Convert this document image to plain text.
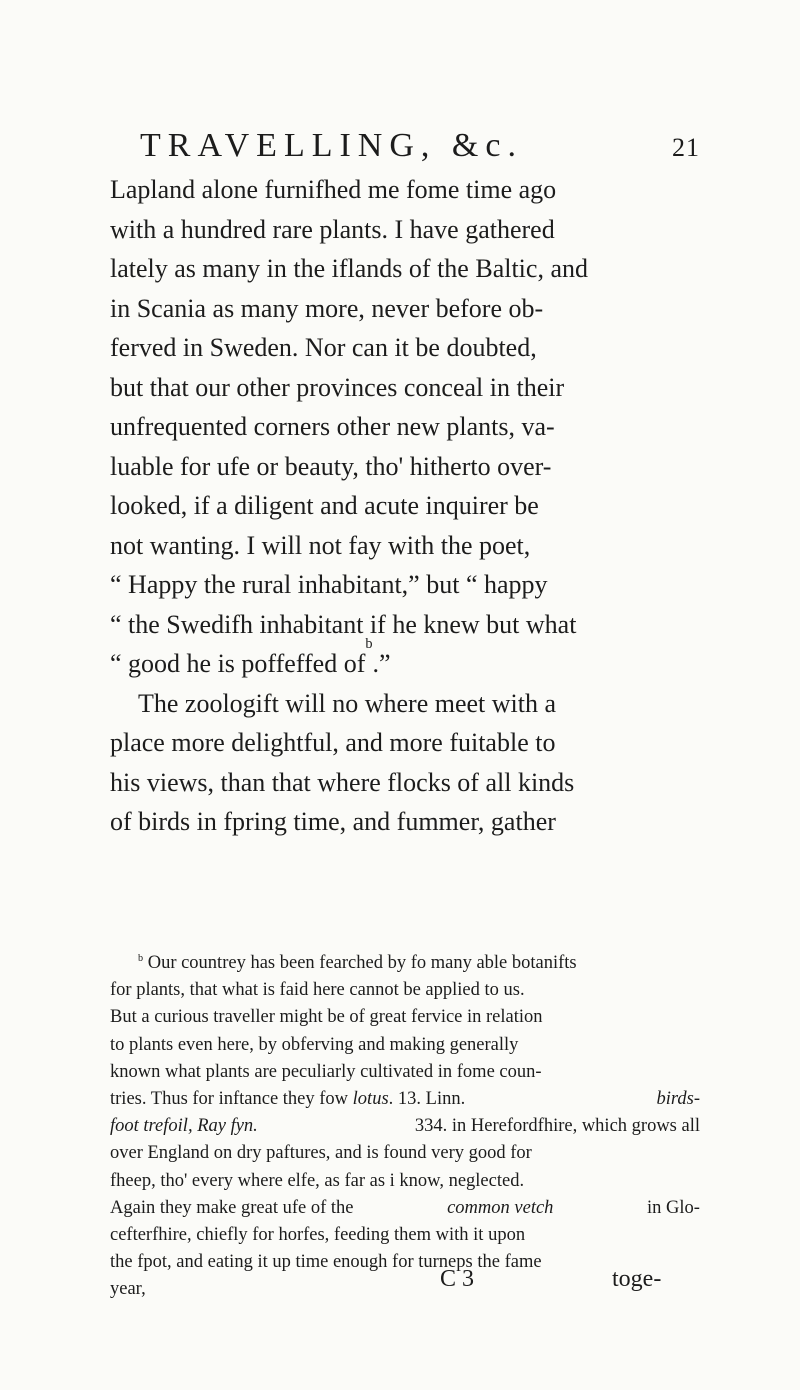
TRAVELLING, &c.	21
Lapland alone furnifhed me fome time ago
with a hundred rare plants. I have gathered
lately as many in the iflands of the Baltic, and
in Scania as many more, never before ob-
ferved in Sweden. Nor can it be doubted,
but that our other provinces conceal in their
unfrequented corners other new plants, va-
luable for ufe or beauty, tho' hitherto over-
looked, if a diligent and acute inquirer be
not wanting. I will not fay with the poet,
“ Happy the rural inhabitant,” but “ happy
“ the Swedifh inhabitant if he knew but what
“ good he is poffeffed of
b
.”
The zoologift will no where meet with a
place more delightful, and more fuitable to
his views, than that where flocks of all kinds
of birds in fpring time, and fummer, gather
$^b$ Our countrey has been fearched by fo many able botanifts
for plants, that what is faid here cannot be applied to us.
But a curious traveller might be of great fervice in relation
to plants even here, by obferving and making generally
known what plants are peculiarly cultivated in fome coun-
tries. Thus for inftance they fow lotus. 13. Linn.	birds-
foot trefoil, Ray fyn.	334. in Herefordfhire, which grows all
over England on dry paftures, and is found very good for
fheep, tho' every where elfe, as far as i know, neglected.
Again they make great ufe of the	common vetch	in Glo-
cefterfhire, chiefly for horfes, feeding them with it upon
the fpot, and eating it up time enough for turneps the fame
year,	C 3	toge-
